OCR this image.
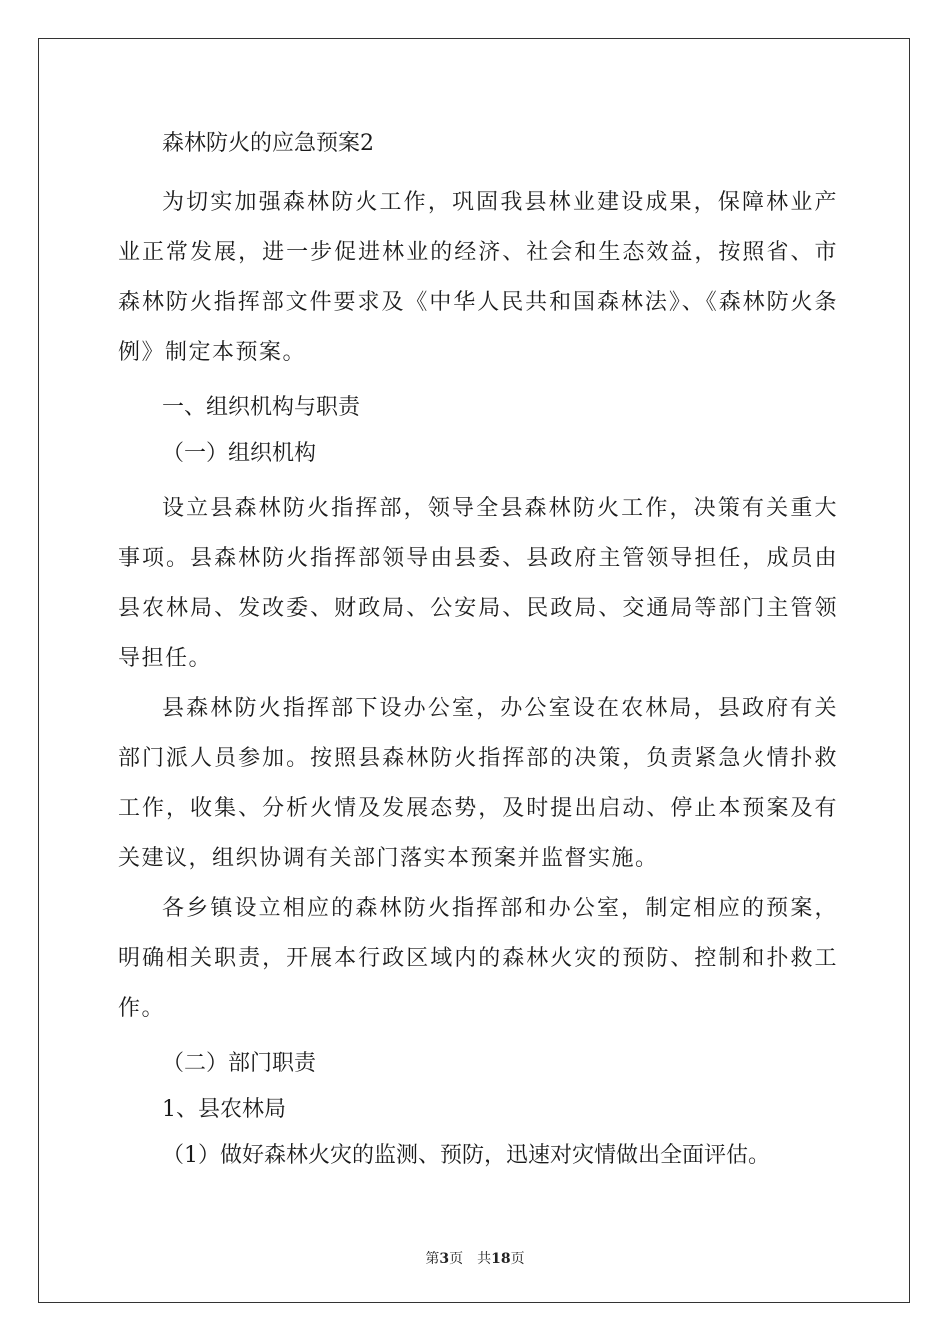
森林防火的应急预案2

为切实加强森林防火工作，巩固我县林业建设成果，保障林业产业正常发展，进一步促进林业的经济、社会和生态效益，按照省、市森林防火指挥部文件要求及《中华人民共和国森林法》、《森林防火条例》制定本预案。

一、组织机构与职责

（一）组织机构

设立县森林防火指挥部，领导全县森林防火工作，决策有关重大事项。县森林防火指挥部领导由县委、县政府主管领导担任，成员由县农林局、发改委、财政局、公安局、民政局、交通局等部门主管领导担任。

县森林防火指挥部下设办公室，办公室设在农林局，县政府有关部门派人员参加。按照县森林防火指挥部的决策，负责紧急火情扑救工作，收集、分析火情及发展态势，及时提出启动、停止本预案及有关建议，组织协调有关部门落实本预案并监督实施。

各乡镇设立相应的森林防火指挥部和办公室，制定相应的预案，明确相关职责，开展本行政区域内的森林火灾的预防、控制和扑救工作。

（二）部门职责

1、县农林局

（1）做好森林火灾的监测、预防，迅速对灾情做出全面评估。

第3页 共18页
